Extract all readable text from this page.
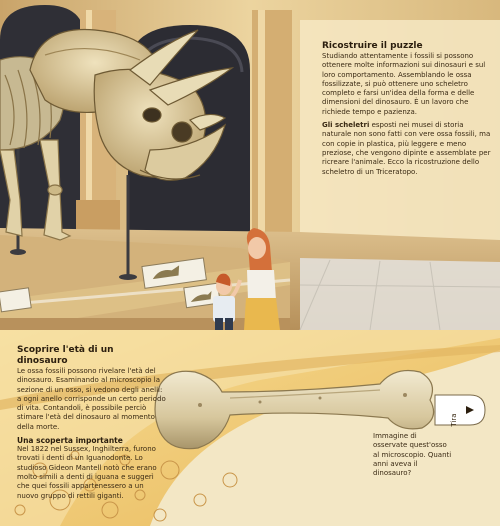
Ricostruire il puzzle

Studiando attentamente i fossili si possono ottenere molte informazioni sui dinosauri e sul loro comportamento. Assemblando le ossa fossilizzate, si può ottenere uno scheletro completo e farsi un'idea della forma e delle dimensioni del dinosauro. È un lavoro che richiede tempo e pazienza.

Gli scheletri esposti nei musei di storia naturale non sono fatti con vere ossa fossili, ma con copie in plastica, più leggere e meno preziose, che vengono dipinte e assemblate per ricreare l'animale. Ecco la ricostruzione dello scheletro di un Triceratopo.

Scoprire l'età di un dinosauro

Le ossa fossili possono rivelare l'età del dinosauro. Esaminando al microscopio la sezione di un osso, si vedono degli anelli: a ogni anello corrisponde un certo periodo di vita. Contandoli, è possibile perciò stimare l'età del dinosauro al momento della morte.

Una scoperta importante

Nel 1822 nel Sussex, Inghilterra, furono trovati i denti di un Iguanodonte. Lo studioso Gideon Mantell notò che erano molto simili a denti di iguana e suggerì che quei fossili appartenessero a un nuovo gruppo di rettili giganti.

Immagine di osservate quest'osso al microscopio. Quanti anni aveva il dinosauro?
Tira
